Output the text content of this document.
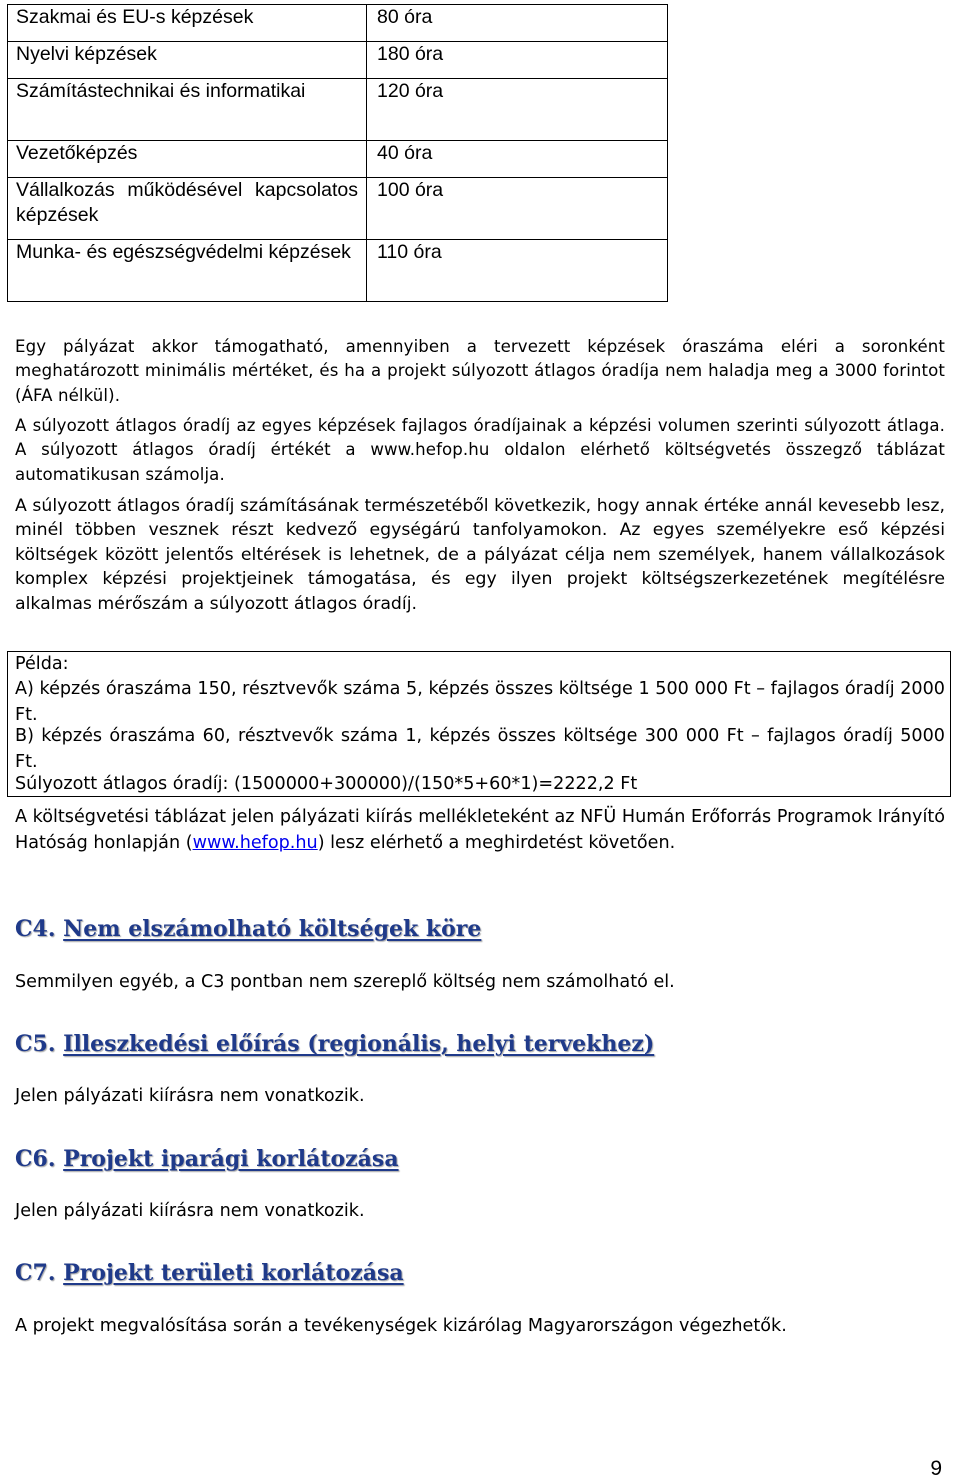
Szakmai és EU-s képzések	80 óra
Nyelvi képzések	180 óra
Számítástechnikai és informatikai	120 óra
Vezetőképzés	40 óra
Vállalkozás működésével kapcsolatos képzések	100 óra
Munka- és egészségvédelmi képzések	110 óra

Egy pályázat akkor támogatható, amennyiben a tervezett képzések óraszáma eléri a soronként meghatározott minimális mértéket, és ha a projekt súlyozott átlagos óradíja nem haladja meg a 3000 forintot (ÁFA nélkül).

A súlyozott átlagos óradíj az egyes képzések fajlagos óradíjainak a képzési volumen szerinti súlyozott átlaga. A súlyozott átlagos óradíj értékét a www.hefop.hu oldalon elérhető költségvetés összegző táblázat automatikusan számolja.

A súlyozott átlagos óradíj számításának természetéből következik, hogy annak értéke annál kevesebb lesz, minél többen vesznek részt kedvező egységárú tanfolyamokon. Az egyes személyekre eső képzési költségek között jelentős eltérések is lehetnek, de a pályázat célja nem személyek, hanem vállalkozások komplex képzési projektjeinek támogatása, és egy ilyen projekt költségszerkezetének megítélésre alkalmas mérőszám a súlyozott átlagos óradíj.

Példa:

A) képzés óraszáma 150, résztvevők száma 5, képzés összes költsége 1 500 000 Ft – fajlagos óradíj 2000 Ft.

B) képzés óraszáma 60, résztvevők száma 1, képzés összes költsége 300 000 Ft – fajlagos óradíj 5000 Ft.

Súlyozott átlagos óradíj: (1500000+300000)/(150*5+60*1)=2222,2 Ft

A költségvetési táblázat jelen pályázati kiírás mellékleteként az NFÜ Humán Erőforrás Programok Irányító Hatóság honlapján (www.hefop.hu) lesz elérhető a meghirdetést követően.

C4. Nem elszámolható költségek köre

Semmilyen egyéb, a C3 pontban nem szereplő költség nem számolható el.

C5. Illeszkedési előírás (regionális, helyi tervekhez)

Jelen pályázati kiírásra nem vonatkozik.

C6. Projekt iparági korlátozása

Jelen pályázati kiírásra nem vonatkozik.

C7. Projekt területi korlátozása

A projekt megvalósítása során a tevékenységek kizárólag Magyarországon végezhetők.

9
